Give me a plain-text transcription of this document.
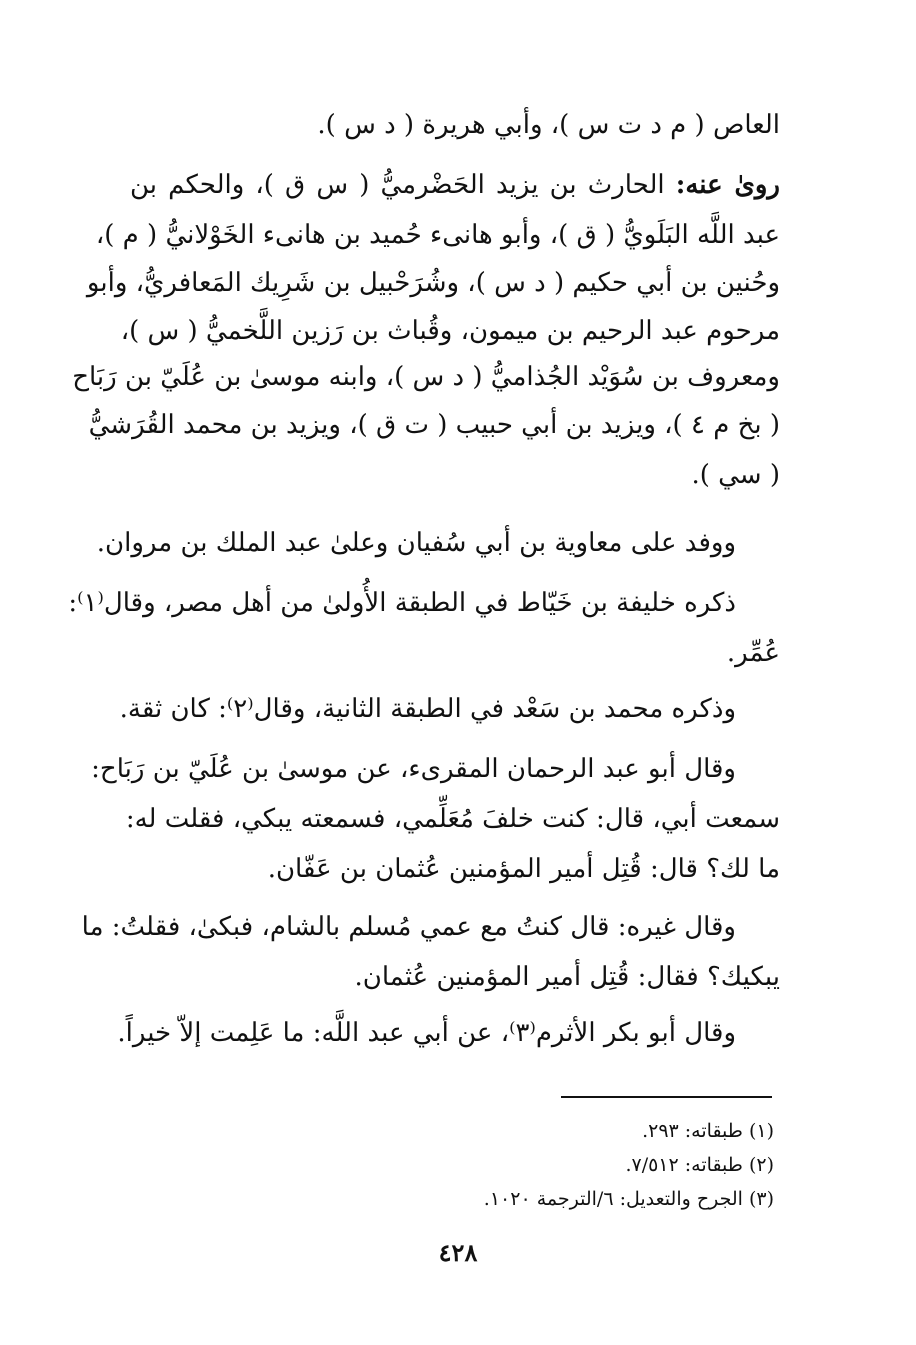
العاص ( م د ت س )، وأبي هريرة ( د س ).
روىٰ عنه: الحارث بن يزيد الحَضْرميُّ ( س ق )، والحكم بن
عبد اللَّه البَلَويُّ ( ق )، وأبو هانىء حُميد بن هانىء الخَوْلانيُّ ( م )،
وحُنين بن أبي حكيم ( د س )، وشُرَحْبيل بن شَرِيك المَعافريُّ، وأبو
مرحوم عبد الرحيم بن ميمون، وقُباث بن رَزين اللَّخميُّ ( س )،
ومعروف بن سُوَيْد الجُذاميُّ ( د س )، وابنه موسىٰ بن عُلَيّ بن رَبَاح
( بخ م ٤ )، ويزيد بن أبي حبيب ( ت ق )، ويزيد بن محمد القُرَشيُّ
( سي ).
ووفد على معاوية بن أبي سُفيان وعلىٰ عبد الملك بن مروان.
ذكره خليفة بن خَيّاط في الطبقة الأُولىٰ من أهل مصر، وقال⁽١⁾:
عُمِّر.
وذكره محمد بن سَعْد في الطبقة الثانية، وقال⁽٢⁾: كان ثقة.
وقال أبو عبد الرحمان المقرىء، عن موسىٰ بن عُلَيّ بن رَبَاح:
سمعت أبي، قال: كنت خلفَ مُعَلِّمي، فسمعته يبكي، فقلت له:
ما لك؟ قال: قُتِل أمير المؤمنين عُثمان بن عَفّان.
وقال غيره: قال كنتُ مع عمي مُسلم بالشام، فبكىٰ، فقلتُ: ما
يبكيك؟ فقال: قُتِل أمير المؤمنين عُثمان.
وقال أبو بكر الأثرم⁽٣⁾، عن أبي عبد اللَّه: ما عَلِمت إلاّ خيراً.
(١) طبقاته: ٢٩٣.
(٢) طبقاته: ٧/٥١٢.
(٣) الجرح والتعديل: ٦/الترجمة ١٠٢٠.
٤٢٨
